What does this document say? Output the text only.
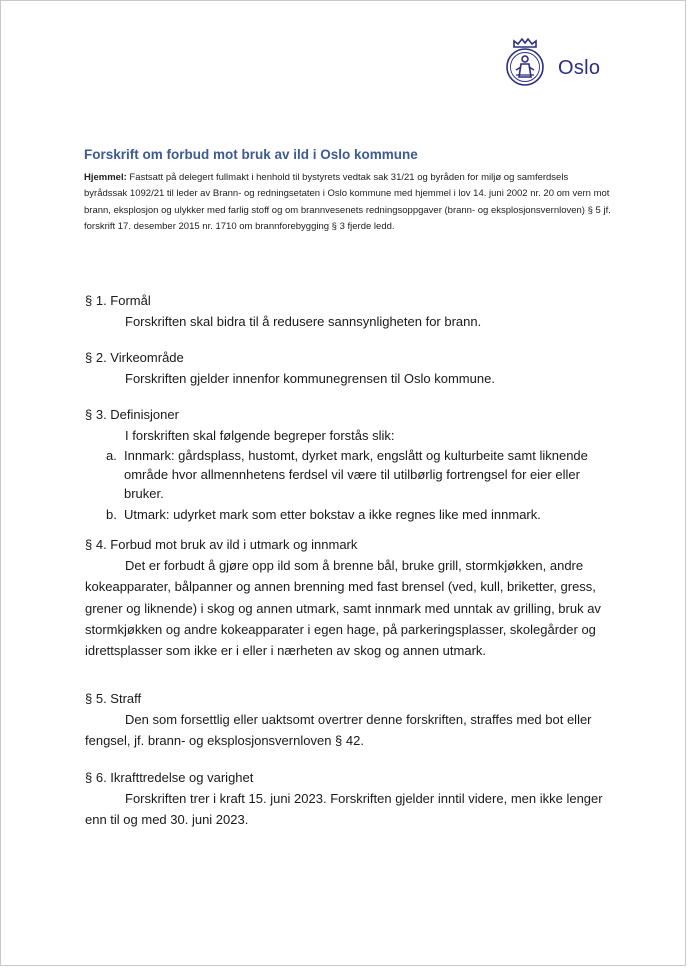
Oslo
Forskrift om forbud mot bruk av ild i Oslo kommune

Hjemmel: Fastsatt på delegert fullmakt i henhold til bystyrets vedtak sak 31/21 og byråden for miljø og samferdsels byrådssak 1092/21 til leder av Brann- og redningsetaten i Oslo kommune med hjemmel i lov 14. juni 2002 nr. 20 om vern mot brann, eksplosjon og ulykker med farlig stoff og om brannvesenets redningsoppgaver (brann- og eksplosjonsvernloven) § 5 jf. forskrift 17. desember 2015 nr. 1710 om brannforebygging § 3 fjerde ledd.

§ 1. Formål
Forskriften skal bidra til å redusere sannsynligheten for brann.
§ 2. Virkeområde
Forskriften gjelder innenfor kommunegrensen til Oslo kommune.
§ 3. Definisjoner
I forskriften skal følgende begreper forstås slik:
a. Innmark: gårdsplass, hustomt, dyrket mark, engslått og kulturbeite samt liknende område hvor allmennhetens ferdsel vil være til utilbørlig fortrengsel for eier eller bruker.
b. Utmark: udyrket mark som etter bokstav a ikke regnes like med innmark.
§ 4. Forbud mot bruk av ild i utmark og innmark
Det er forbudt å gjøre opp ild som å brenne bål, bruke grill, stormkjøkken, andre kokeapparater, bålpanner og annen brenning med fast brensel (ved, kull, briketter, gress, grener og liknende) i skog og annen utmark, samt innmark med unntak av grilling, bruk av stormkjøkken og andre kokeapparater i egen hage, på parkeringsplasser, skolegårder og idrettsplasser som ikke er i eller i nærheten av skog og annen utmark.
§ 5. Straff
Den som forsettlig eller uaktsomt overtrer denne forskriften, straffes med bot eller fengsel, jf. brann- og eksplosjonsvernloven § 42.
§ 6. Ikrafttredelse og varighet
Forskriften trer i kraft 15. juni 2023. Forskriften gjelder inntil videre, men ikke lenger enn til og med 30. juni 2023.
